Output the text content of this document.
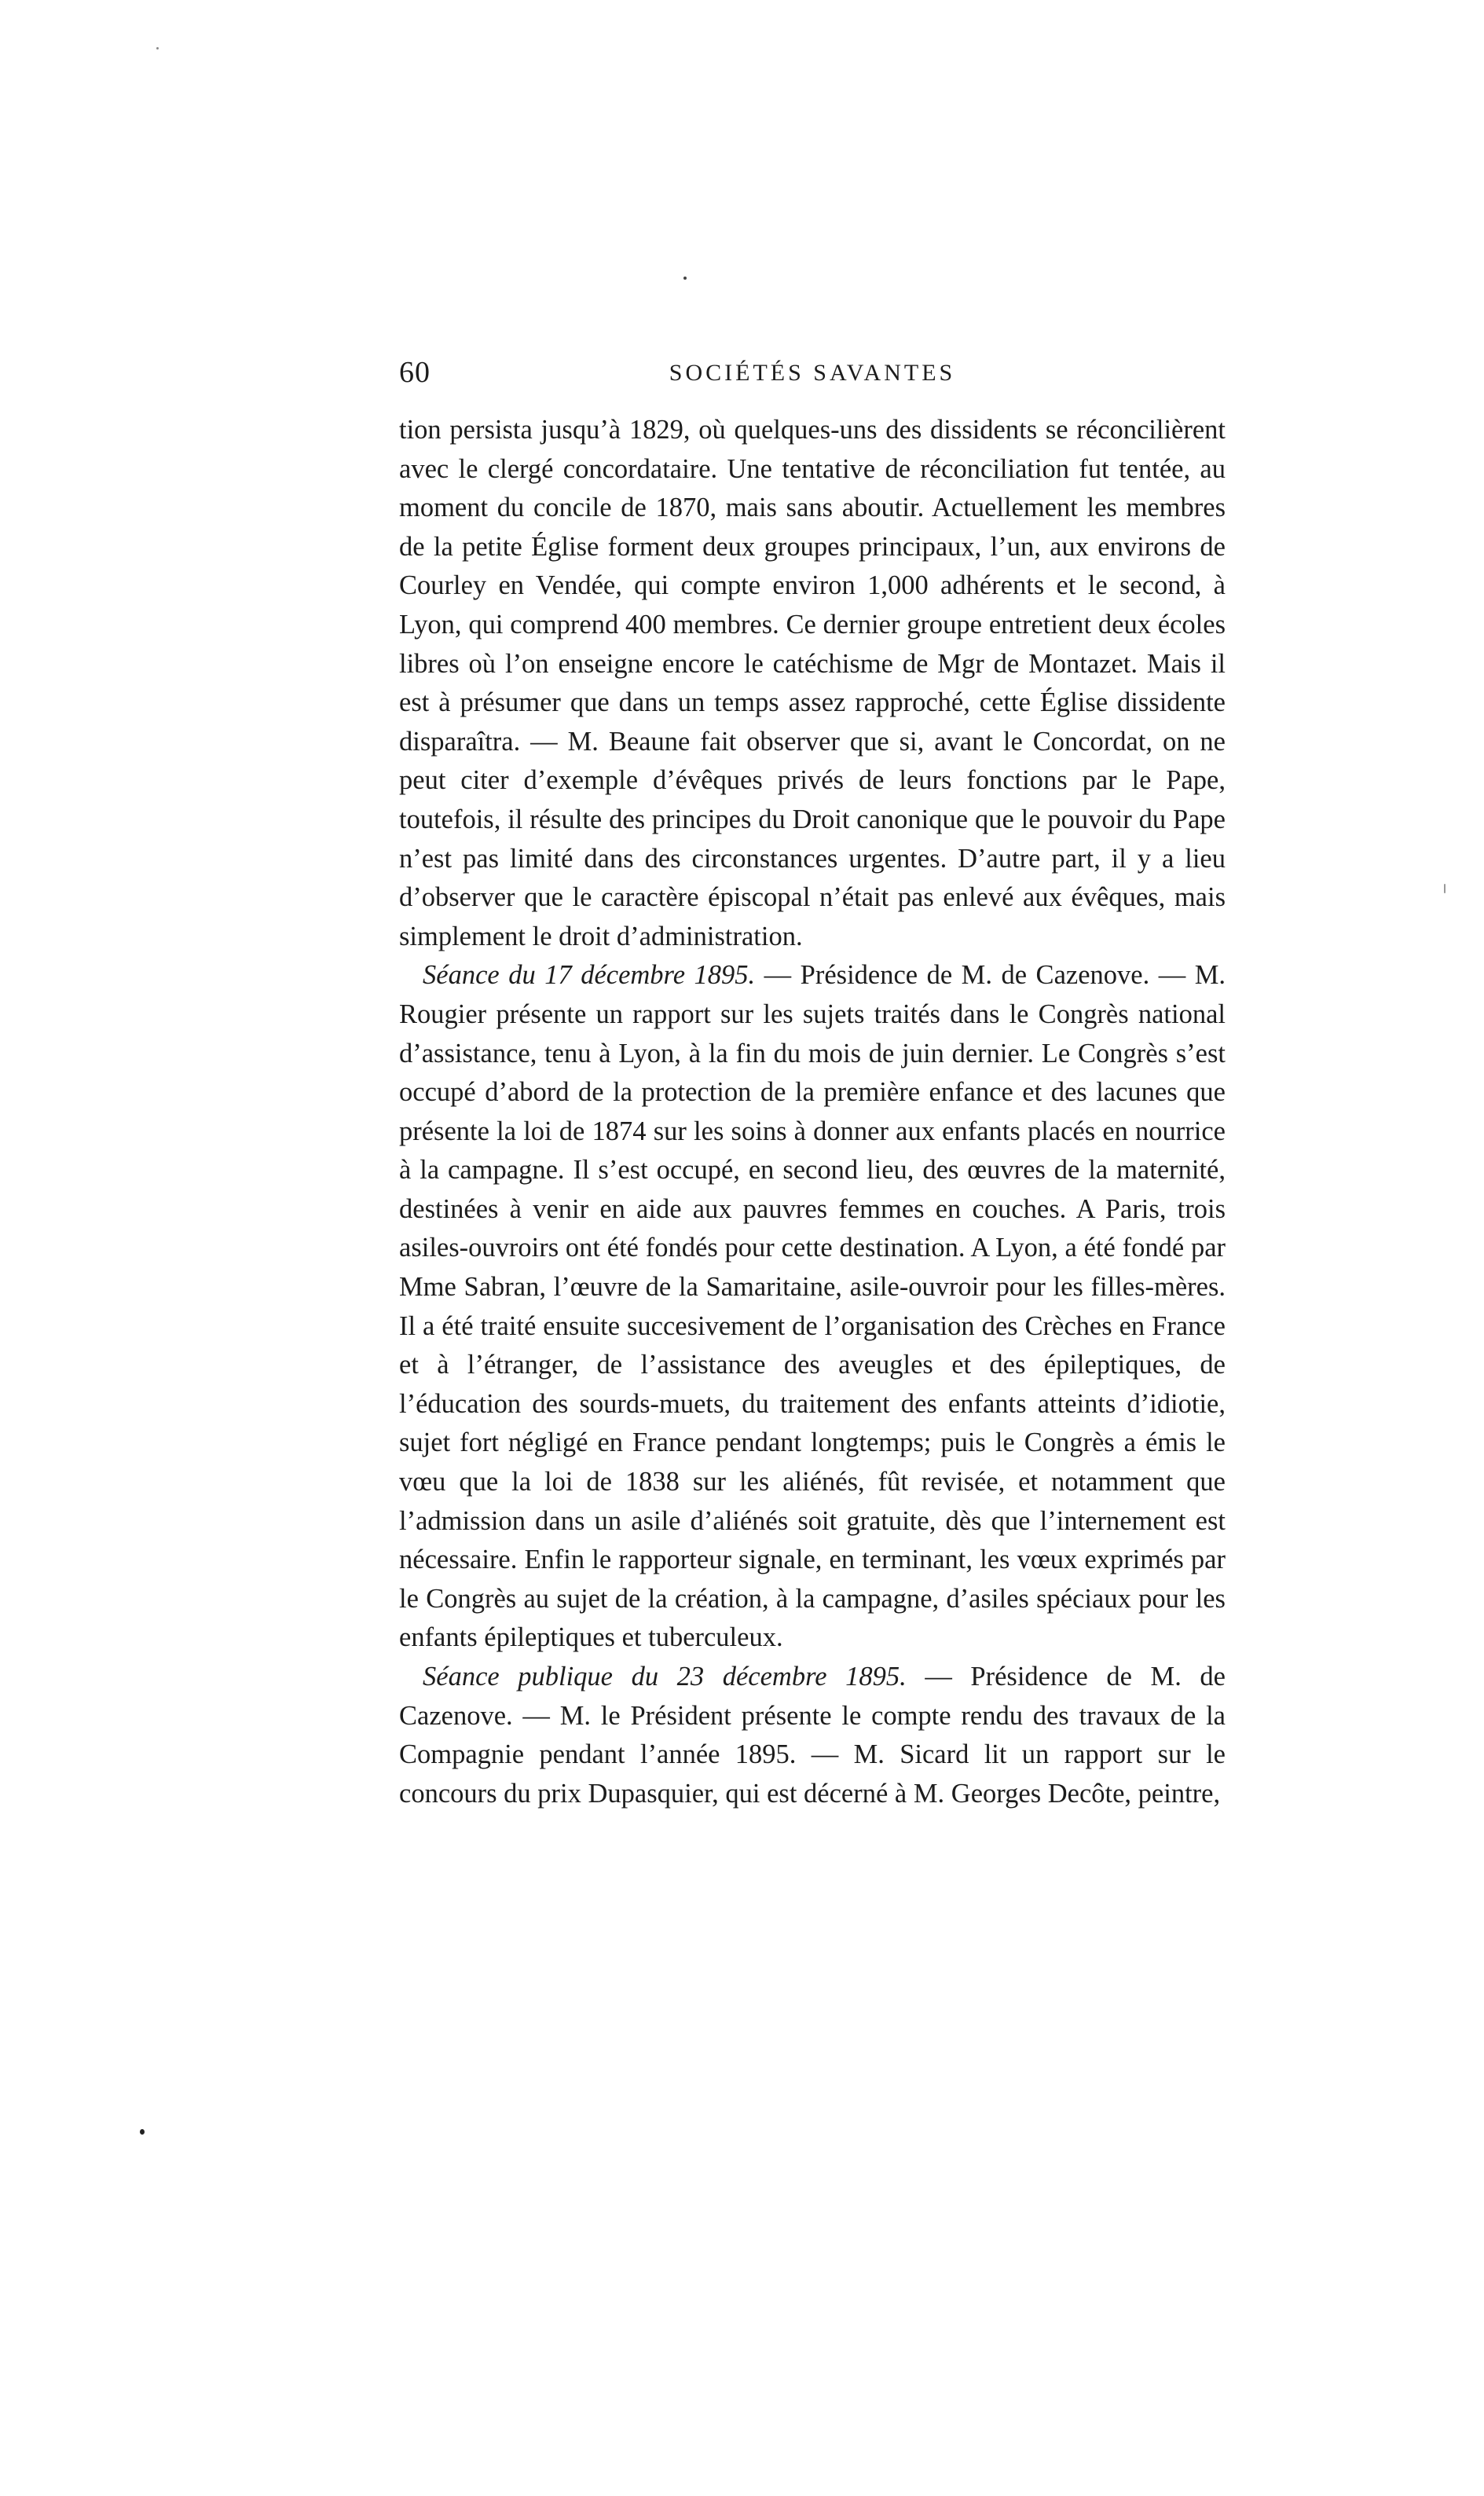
60	SOCIÉTÉS SAVANTES

tion persista jusqu’à 1829, où quelques-uns des dissidents se réconcilièrent avec le clergé concordataire. Une tentative de réconciliation fut tentée, au moment du concile de 1870, mais sans aboutir. Actuellement les membres de la petite Église forment deux groupes principaux, l’un, aux environs de Courley en Vendée, qui compte environ 1,000 adhérents et le second, à Lyon, qui comprend 400 membres. Ce dernier groupe entretient deux écoles libres où l’on enseigne encore le catéchisme de Mgr de Montazet. Mais il est à présumer que dans un temps assez rapproché, cette Église dissidente disparaîtra. — M. Beaune fait observer que si, avant le Concordat, on ne peut citer d’exemple d’évêques privés de leurs fonctions par le Pape, toutefois, il résulte des principes du Droit canonique que le pouvoir du Pape n’est pas limité dans des circonstances urgentes. D’autre part, il y a lieu d’observer que le caractère épiscopal n’était pas enlevé aux évêques, mais simplement le droit d’administration.

Séance du 17 décembre 1895. — Présidence de M. de Cazenove. — M. Rougier présente un rapport sur les sujets traités dans le Congrès national d’assistance, tenu à Lyon, à la fin du mois de juin dernier. Le Congrès s’est occupé d’abord de la protection de la première enfance et des lacunes que présente la loi de 1874 sur les soins à donner aux enfants placés en nourrice à la campagne. Il s’est occupé, en second lieu, des œuvres de la maternité, destinées à venir en aide aux pauvres femmes en couches. A Paris, trois asiles-ouvroirs ont été fondés pour cette destination. A Lyon, a été fondé par Mme Sabran, l’œuvre de la Samaritaine, asile-ouvroir pour les filles-mères. Il a été traité ensuite succesivement de l’organisation des Crèches en France et à l’étranger, de l’assistance des aveugles et des épileptiques, de l’éducation des sourds-muets, du traitement des enfants atteints d’idiotie, sujet fort négligé en France pendant longtemps; puis le Congrès a émis le vœu que la loi de 1838 sur les aliénés, fût revisée, et notamment que l’admission dans un asile d’aliénés soit gratuite, dès que l’internement est nécessaire. Enfin le rapporteur signale, en terminant, les vœux exprimés par le Congrès au sujet de la création, à la campagne, d’asiles spéciaux pour les enfants épileptiques et tuberculeux.

Séance publique du 23 décembre 1895. — Présidence de M. de Cazenove. — M. le Président présente le compte rendu des travaux de la Compagnie pendant l’année 1895. — M. Sicard lit un rapport sur le concours du prix Dupasquier, qui est décerné à M. Georges Decôte, peintre,
